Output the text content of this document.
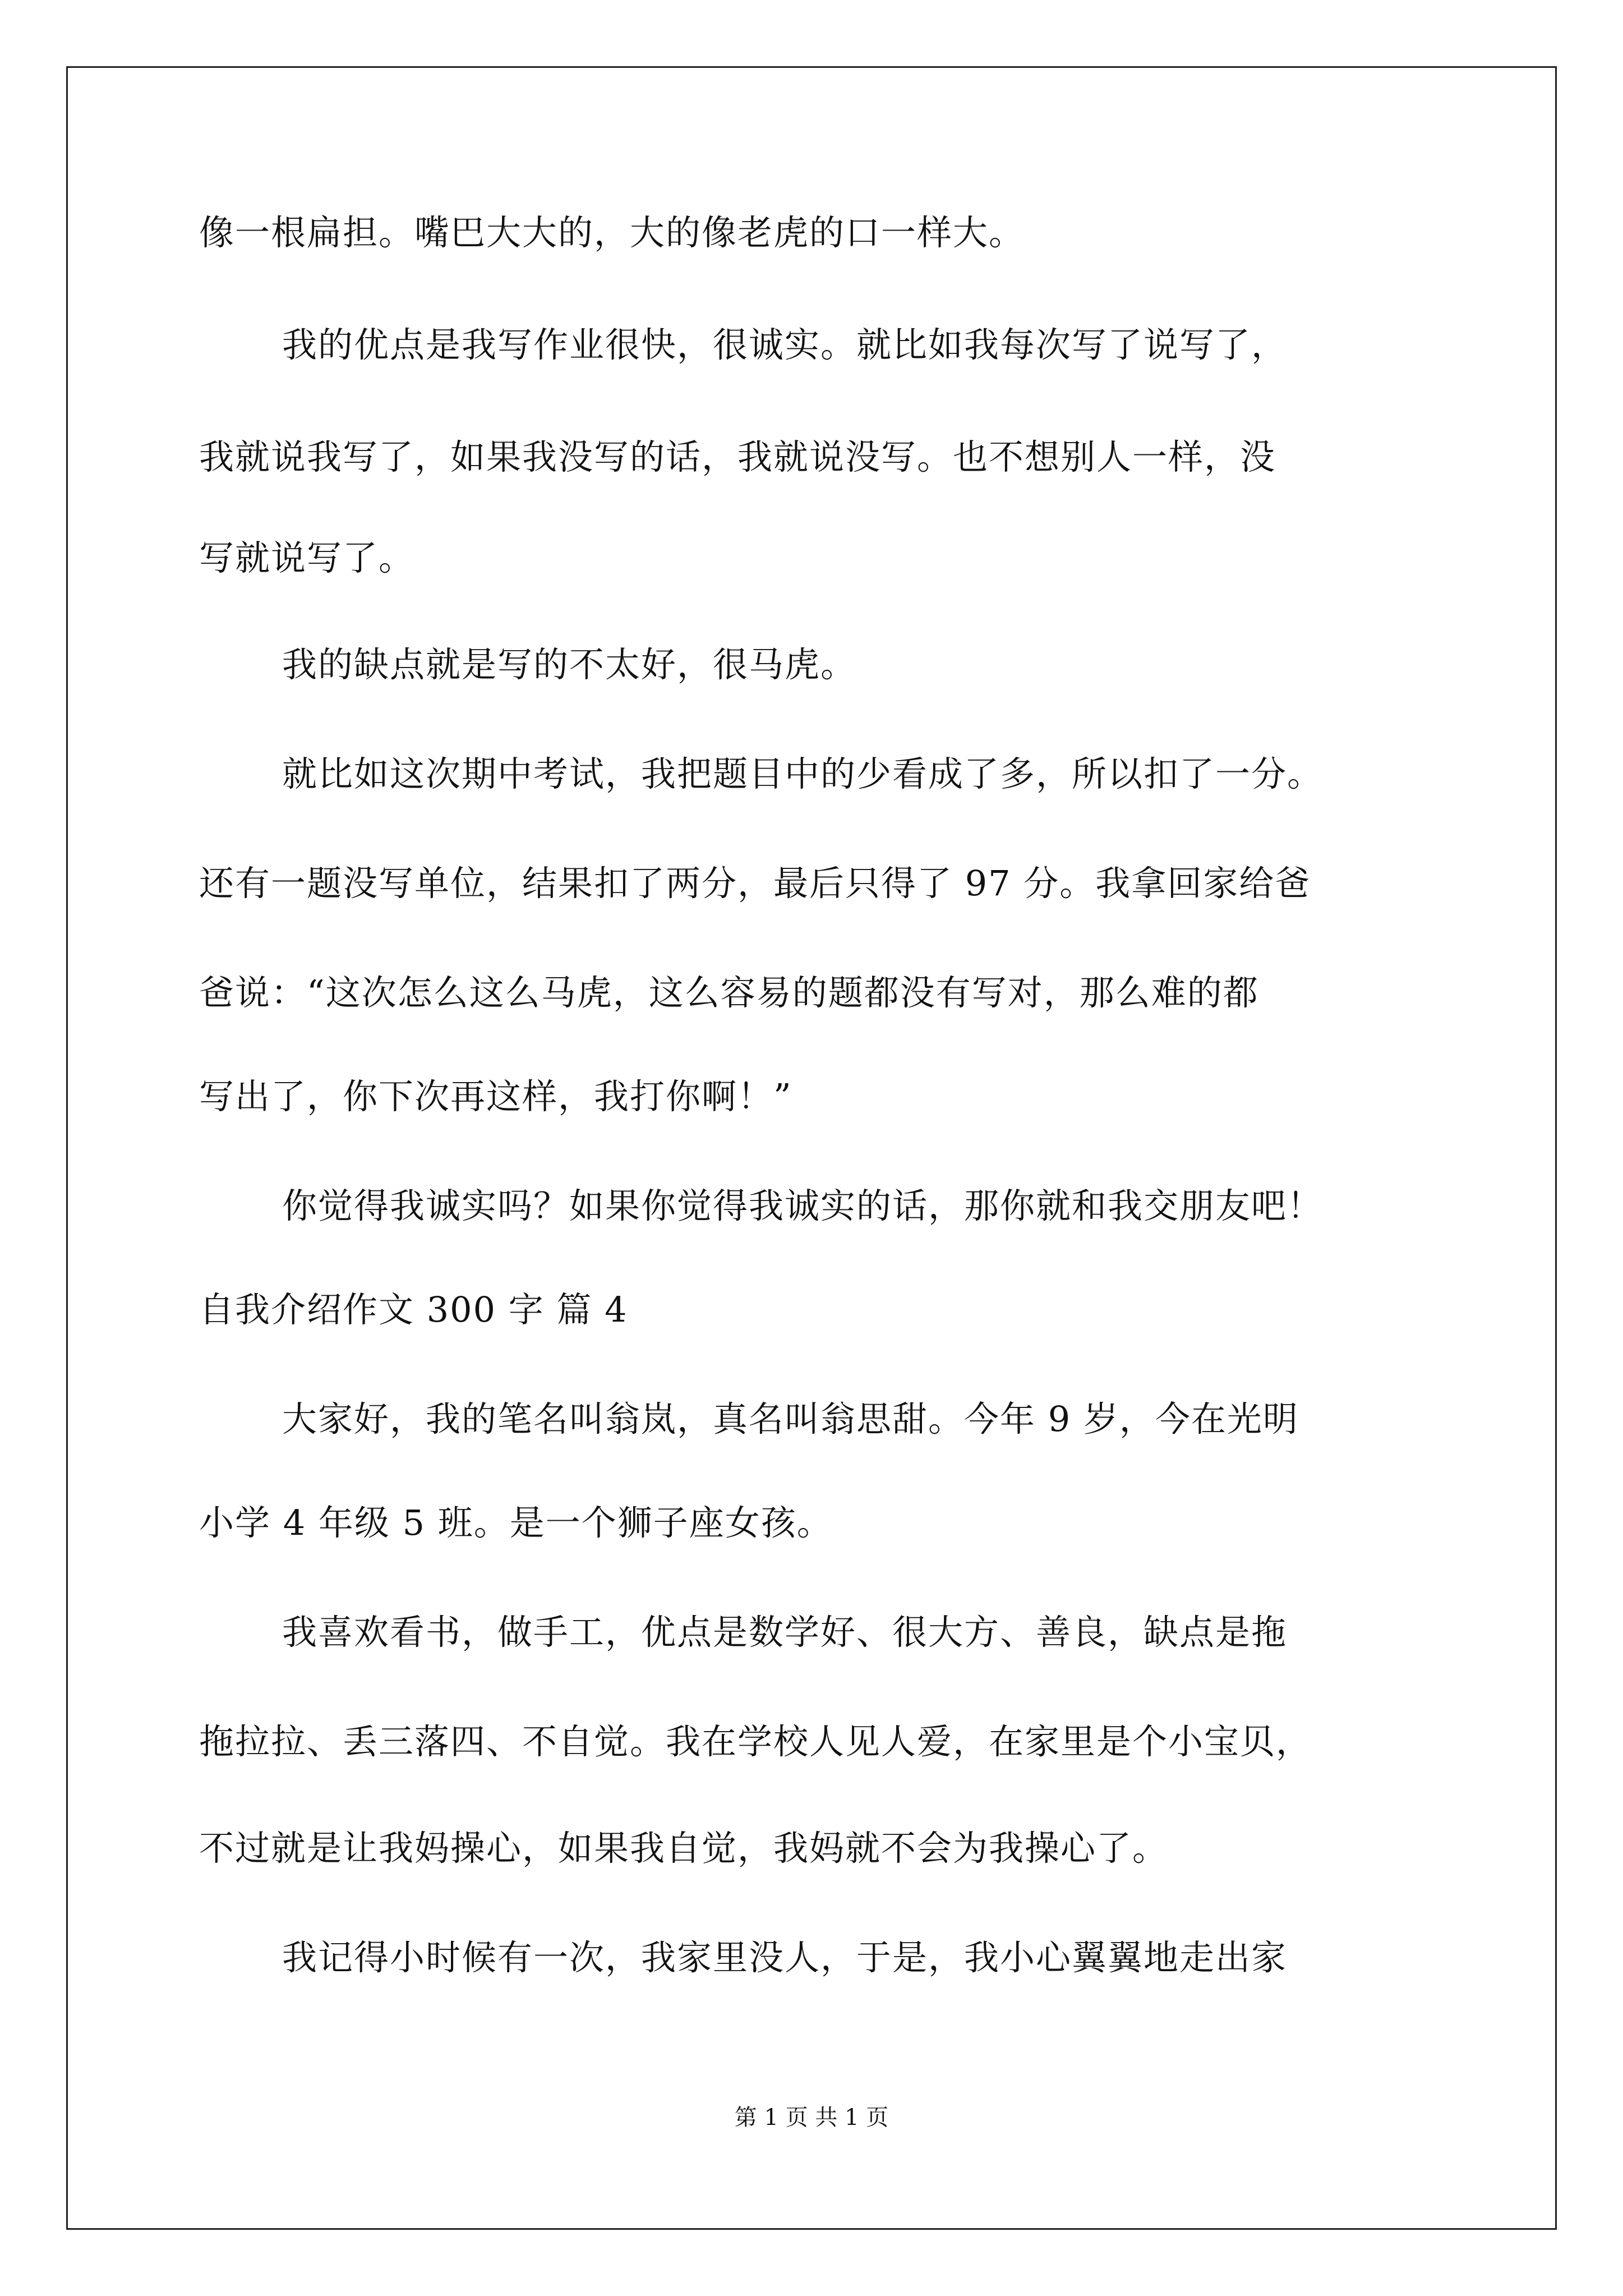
像一根扁担。嘴巴大大的，大的像老虎的口一样大。
我的优点是我写作业很快，很诚实。就比如我每次写了说写了，
我就说我写了，如果我没写的话，我就说没写。也不想别人一样，没
写就说写了。
我的缺点就是写的不太好，很马虎。
就比如这次期中考试，我把题目中的少看成了多，所以扣了一分。
还有一题没写单位，结果扣了两分，最后只得了 97 分。我拿回家给爸
爸说：“这次怎么这么马虎，这么容易的题都没有写对，那么难的都
写出了，你下次再这样，我打你啊！”
你觉得我诚实吗？如果你觉得我诚实的话，那你就和我交朋友吧！
自我介绍作文 300 字 篇 4
大家好，我的笔名叫翁岚，真名叫翁思甜。今年 9 岁，今在光明
小学 4 年级 5 班。是一个狮子座女孩。
我喜欢看书，做手工，优点是数学好、很大方、善良，缺点是拖
拖拉拉、丢三落四、不自觉。我在学校人见人爱，在家里是个小宝贝，
不过就是让我妈操心，如果我自觉，我妈就不会为我操心了。
我记得小时候有一次，我家里没人，于是，我小心翼翼地走出家
第 1 页 共 1 页
